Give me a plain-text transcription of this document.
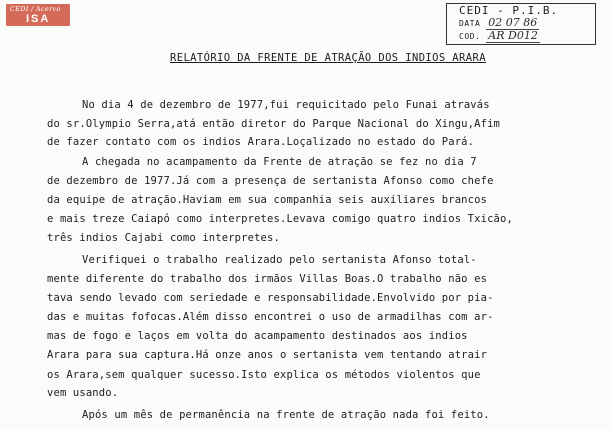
CEDI / Acervo
ISA
CEDI - P.I.B.
DATA 02 07 86
COD. AR D012
RELATÓRIO DA FRENTE DE ATRAÇÃO DOS INDIOS ARARA
No dia 4 de dezembro de 1977,fui requicitado pelo Funai atravás
do sr.Olympio Serra,atá então diretor do Parque Nacional do Xingu,Afim
de fazer contato com os indios Arara.Loçalizado no estado do Pará.
A chegada no acampamento da Frente de atração se fez no dia 7
de dezembro de 1977.Já com a presença de sertanista Afonso como chefe
da equipe de atração.Haviam em sua companhia seis auxiliares brancos
e mais treze Caiapó como interpretes.Levava comigo quatro indios Txicão,
três indios Cajabi como interpretes.
Verifiquei o trabalho realizado pelo sertanista Afonso total-
mente diferente do trabalho dos irmãos Villas Boas.O trabalho não es
tava sendo levado com seriedade e responsabilidade.Envolvido por pia-
das e muitas fofocas.Além disso encontrei o uso de armadilhas com ar-
mas de fogo e laços em volta do acampamento destinados aos indios
Arara para sua captura.Há onze anos o sertanista vem tentando atrair
os Arara,sem qualquer sucesso.Isto explica os métodos violentos que
vem usando.
Após um mês de permanência na frente de atração nada foi feito.
